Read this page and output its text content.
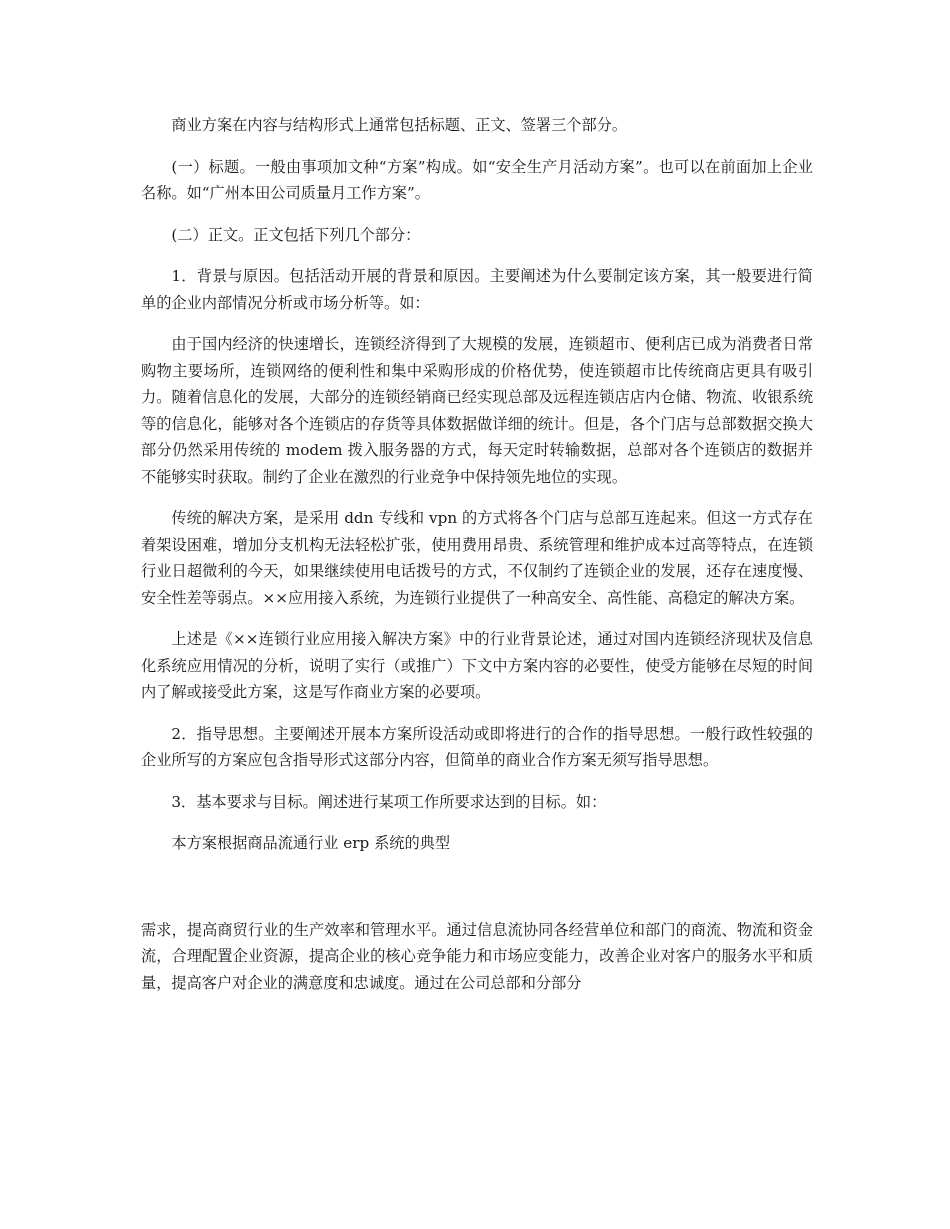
商业方案在内容与结构形式上通常包括标题、正文、签署三个部分。

(一）标题。一般由事项加文种“方案”构成。如“安全生产月活动方案”。也可以在前面加上企业名称。如“广州本田公司质量月工作方案”。

(二）正文。正文包括下列几个部分：

1．背景与原因。包括活动开展的背景和原因。主要阐述为什么要制定该方案，其一般要进行简单的企业内部情况分析或市场分析等。如：

由于国内经济的快速增长，连锁经济得到了大规模的发展，连锁超市、便利店已成为消费者日常购物主要场所，连锁网络的便利性和集中采购形成的价格优势，使连锁超市比传统商店更具有吸引力。随着信息化的发展，大部分的连锁经销商已经实现总部及远程连锁店店内仓储、物流、收银系统等的信息化，能够对各个连锁店的存货等具体数据做详细的统计。但是，各个门店与总部数据交换大部分仍然采用传统的 modem 拨入服务器的方式，每天定时转输数据，总部对各个连锁店的数据并不能够实时获取。制约了企业在激烈的行业竞争中保持领先地位的实现。

传统的解决方案，是采用 ddn 专线和 vpn 的方式将各个门店与总部互连起来。但这一方式存在着架设困难，增加分支机构无法轻松扩张，使用费用昂贵、系统管理和维护成本过高等特点，在连锁行业日超微利的今天，如果继续使用电话拨号的方式，不仅制约了连锁企业的发展，还存在速度慢、安全性差等弱点。××应用接入系统，为连锁行业提供了一种高安全、高性能、高稳定的解决方案。

上述是《××连锁行业应用接入解决方案》中的行业背景论述，通过对国内连锁经济现状及信息化系统应用情况的分析，说明了实行（或推广）下文中方案内容的必要性，使受方能够在尽短的时间内了解或接受此方案，这是写作商业方案的必要项。

2．指导思想。主要阐述开展本方案所设活动或即将进行的合作的指导思想。一般行政性较强的企业所写的方案应包含指导形式这部分内容，但简单的商业合作方案无须写指导思想。

3．基本要求与目标。阐述进行某项工作所要求达到的目标。如：

本方案根据商品流通行业 erp 系统的典型

需求，提高商贸行业的生产效率和管理水平。通过信息流协同各经营单位和部门的商流、物流和资金流，合理配置企业资源，提高企业的核心竞争能力和市场应变能力，改善企业对客户的服务水平和质量，提高客户对企业的满意度和忠诚度。通过在公司总部和分部分
